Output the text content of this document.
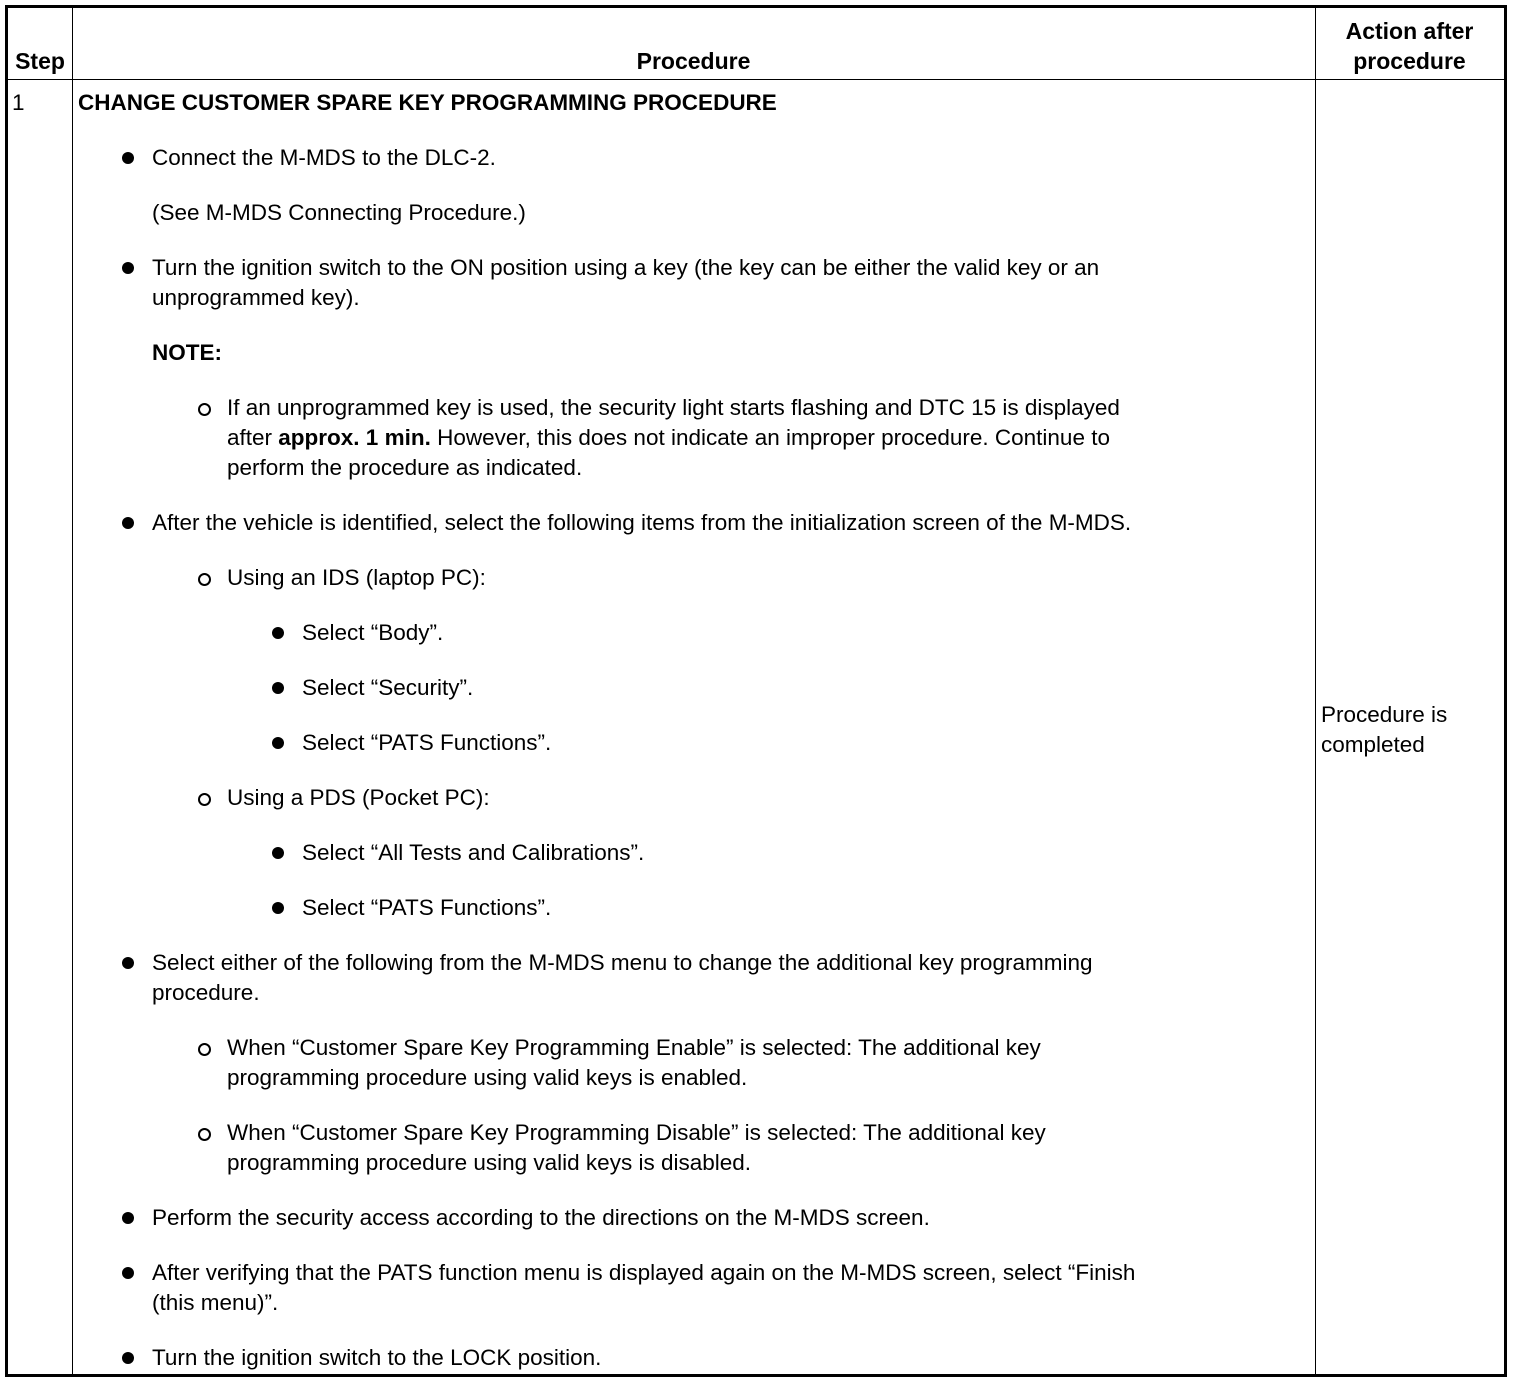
Step	Procedure
Action after
procedure
1 CHANGE CUSTOMER SPARE KEY PROGRAMMING PROCEDURE
Connect the M-MDS to the DLC-2.
(See M-MDS Connecting Procedure.)
Turn the ignition switch to the ON position using a key (the key can be either the valid key or an
unprogrammed key).
NOTE:
If an unprogrammed key is used, the security light starts flashing and DTC 15 is displayed
after approx. 1 min. However, this does not indicate an improper procedure. Continue to
perform the procedure as indicated.
After the vehicle is identified, select the following items from the initialization screen of the M-MDS.
Using an IDS (laptop PC):
Select “Body”.
Select “Security”.
Select “PATS Functions”.
Using a PDS (Pocket PC):
Select “All Tests and Calibrations”.
Select “PATS Functions”.
Select either of the following from the M-MDS menu to change the additional key programming
procedure.
When “Customer Spare Key Programming Enable” is selected: The additional key
programming procedure using valid keys is enabled.
When “Customer Spare Key Programming Disable” is selected: The additional key
programming procedure using valid keys is disabled.
Perform the security access according to the directions on the M-MDS screen.
After verifying that the PATS function menu is displayed again on the M-MDS screen, select “Finish
(this menu)”.
Turn the ignition switch to the LOCK position.
Procedure is
completed
